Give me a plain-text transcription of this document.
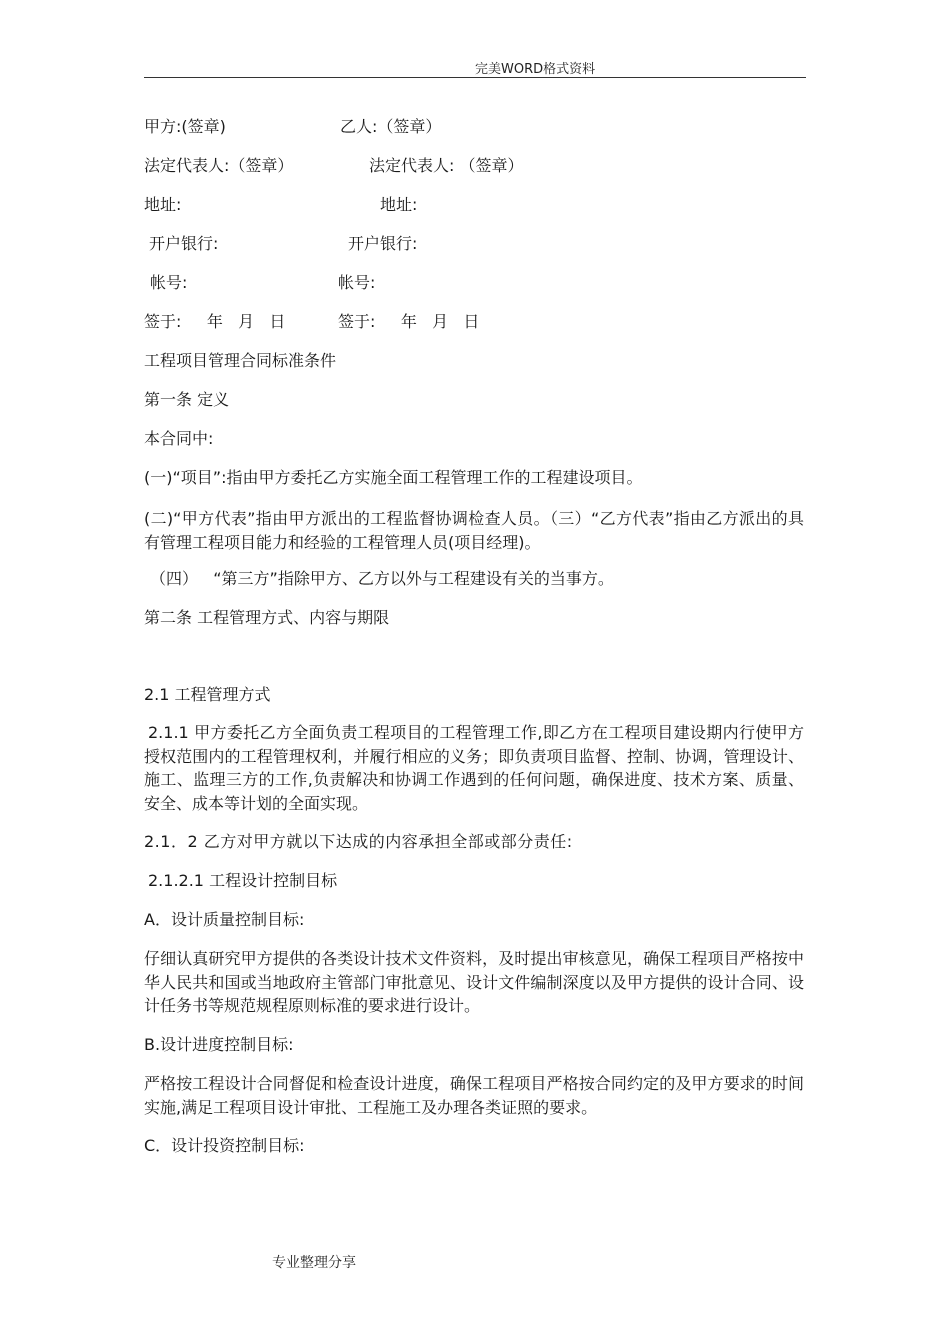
完美WORD格式资料
甲方:(签章)	乙人:（签章）
法定代表人:（签章）	法定代表人: （签章）
地址:	地址:
开户银行:	开户银行:
帐号:	帐号:
签于:     年   月   日	签于:     年   月   日
工程项目管理合同标准条件
第一条 定义
本合同中:
(一)“项目”:指由甲方委托乙方实施全面工程管理工作的工程建设项目。
(二)“甲方代表”指由甲方派出的工程监督协调检查人员。（三）“乙方代表”指由乙方派出的具有管理工程项目能力和经验的工程管理人员(项目经理)。
（四）   “第三方”指除甲方、乙方以外与工程建设有关的当事方。
第二条 工程管理方式、内容与期限
2.1 工程管理方式
2.1.1 甲方委托乙方全面负责工程项目的工程管理工作,即乙方在工程项目建设期内行使甲方授权范围内的工程管理权利，并履行相应的义务；即负责项目监督、控制、协调，管理设计、施工、监理三方的工作,负责解决和协调工作遇到的任何问题，确保进度、技术方案、质量、安全、成本等计划的全面实现。
2.1．2 乙方对甲方就以下达成的内容承担全部或部分责任:
2.1.2.1 工程设计控制目标
A．设计质量控制目标:
仔细认真研究甲方提供的各类设计技术文件资料，及时提出审核意见，确保工程项目严格按中华人民共和国或当地政府主管部门审批意见、设计文件编制深度以及甲方提供的设计合同、设计任务书等规范规程原则标准的要求进行设计。
B.设计进度控制目标:
严格按工程设计合同督促和检查设计进度，确保工程项目严格按合同约定的及甲方要求的时间实施,满足工程项目设计审批、工程施工及办理各类证照的要求。
C．设计投资控制目标:
专业整理分享
